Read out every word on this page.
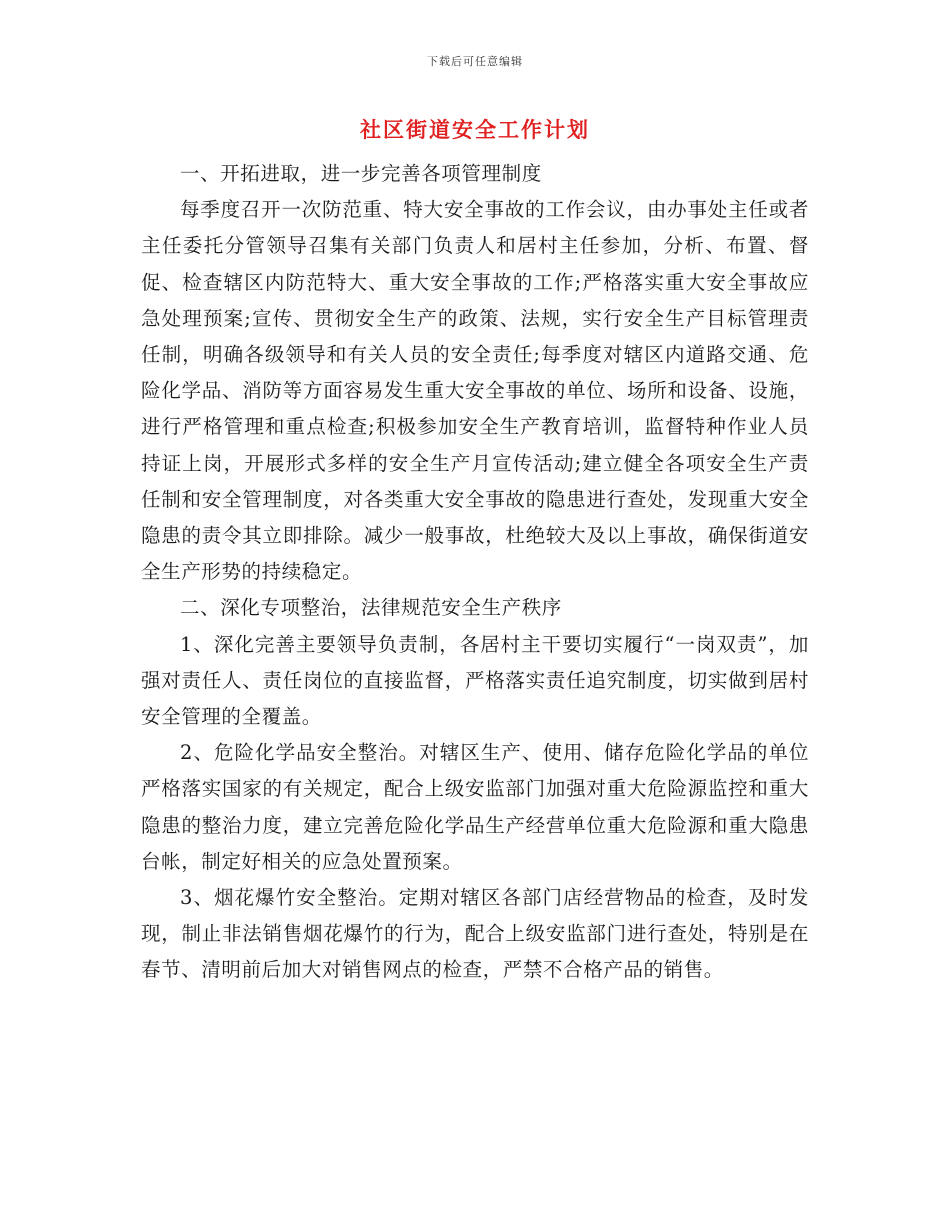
下载后可任意编辑
社区街道安全工作计划

一、开拓进取，进一步完善各项管理制度

每季度召开一次防范重、特大安全事故的工作会议，由办事处主任或者主任委托分管领导召集有关部门负责人和居村主任参加，分析、布置、督促、检查辖区内防范特大、重大安全事故的工作;严格落实重大安全事故应急处理预案;宣传、贯彻安全生产的政策、法规，实行安全生产目标管理责任制，明确各级领导和有关人员的安全责任;每季度对辖区内道路交通、危险化学品、消防等方面容易发生重大安全事故的单位、场所和设备、设施，进行严格管理和重点检查;积极参加安全生产教育培训，监督特种作业人员持证上岗，开展形式多样的安全生产月宣传活动;建立健全各项安全生产责任制和安全管理制度，对各类重大安全事故的隐患进行查处，发现重大安全隐患的责令其立即排除。减少一般事故，杜绝较大及以上事故，确保街道安全生产形势的持续稳定。

二、深化专项整治，法律规范安全生产秩序

1、深化完善主要领导负责制，各居村主干要切实履行“一岗双责”，加强对责任人、责任岗位的直接监督，严格落实责任追究制度，切实做到居村安全管理的全覆盖。

2、危险化学品安全整治。对辖区生产、使用、储存危险化学品的单位严格落实国家的有关规定，配合上级安监部门加强对重大危险源监控和重大隐患的整治力度，建立完善危险化学品生产经营单位重大危险源和重大隐患台帐，制定好相关的应急处置预案。

3、烟花爆竹安全整治。定期对辖区各部门店经营物品的检查，及时发现，制止非法销售烟花爆竹的行为，配合上级安监部门进行查处，特别是在春节、清明前后加大对销售网点的检查，严禁不合格产品的销售。
